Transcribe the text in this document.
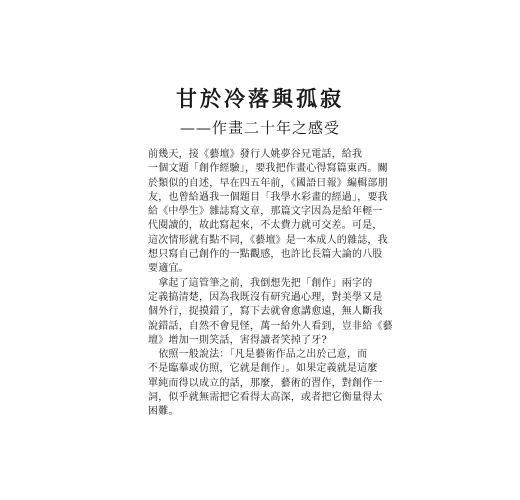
甘於冷落與孤寂
——作畫二十年之感受
前幾天，接《藝壇》發行人姚夢谷兄電話，給我
一個文題「創作經驗」，要我把作畫心得寫篇東西。關
於類似的自述，早在四五年前，《國語日報》編輯部朋
友，也曾給過我一個題目「我學水彩畫的經過」，要我
給《中學生》雜誌寫文章，那篇文字因為是給年輕一
代閱讀的，故此寫起來，不太費力就可交差。可是，
這次情形就有點不同，《藝壇》是一本成人的雜誌，我
想只寫自己創作的一點觀感，也許比長篇大論的八股
要適宜。
　拿起了這管筆之前，我倒想先把「創作」兩字的
定義搞清楚，因為我既沒有研究過心理，對美學又是
個外行，捉摸錯了，寫下去就會愈講愈遠，無人斷我
說錯話，自然不會見怪，萬一給外人看到，豈非給《藝
壇》增加一則笑話，害得讀者笑掉了牙?
　依照一般說法：「凡是藝術作品之出於己意，而
不是臨摹或仿照，它就是創作」。如果定義就是這麼
單純而得以成立的話，那麼，藝術的習作，對創作一
詞，似乎就無需把它看得太高深，或者把它衡量得太
困難。
